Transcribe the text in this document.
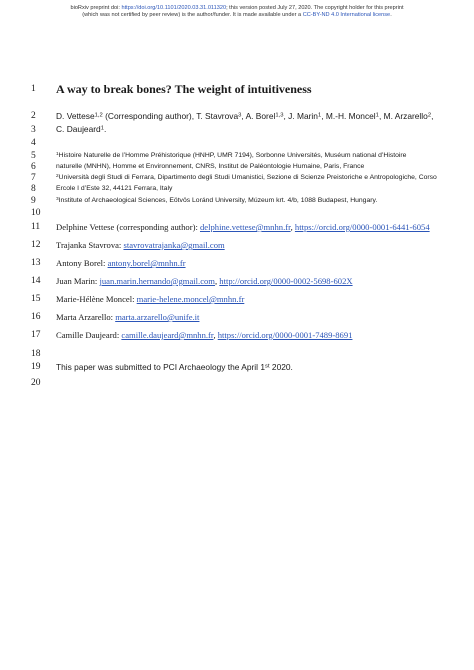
bioRxiv preprint doi: https://doi.org/10.1101/2020.03.31.011320; this version posted July 27, 2020. The copyright holder for this preprint
(which was not certified by peer review) is the author/funder. It is made available under a CC-BY-ND 4.0 International license.
1
2
3
4
5
6
7
8
9
10
11
12
13
14
15
16
17
18
19
20
A way to break bones? The weight of intuitiveness
D. Vettese$^{1,2}$ (Corresponding author), T. Stavrova$^3$, A. Borel$^{1,3}$, J. Marin$^1$, M.-H. Moncel$^1$, M. Arzarello$^2$,
C. Daujeard$^1$.
$^1$Histoire Naturelle de l’Homme Préhistorique (HNHP, UMR 7194), Sorbonne Universités, Muséum national d’Histoire
naturelle (MNHN), Homme et Environnement, CNRS, Institut de Paléontologie Humaine, Paris, France
$^2$Università degli Studi di Ferrara, Dipartimento degli Studi Umanistici, Sezione di Scienze Preistoriche e Antropologiche, Corso
Ercole I d’Este 32, 44121 Ferrara, Italy
$^3$Institute of Archaeological Sciences, Eötvös Loránd University, Múzeum krt. 4/b, 1088 Budapest, Hungary.
Delphine Vettese (corresponding author): delphine.vettese@mnhn.fr, https://orcid.org/0000-0001-6441-6054
Trajanka Stavrova: stavrovatrajanka@gmail.com
Antony Borel: antony.borel@mnhn.fr
Juan Marin: juan.marin.hernando@gmail.com, http://orcid.org/0000-0002-5698-602X
Marie-Hélène Moncel: marie-helene.moncel@mnhn.fr
Marta Arzarello: marta.arzarello@unife.it
Camille Daujeard: camille.daujeard@mnhn.fr, https://orcid.org/0000-0001-7489-8691
This paper was submitted to PCI Archaeology the April 1st 2020.
